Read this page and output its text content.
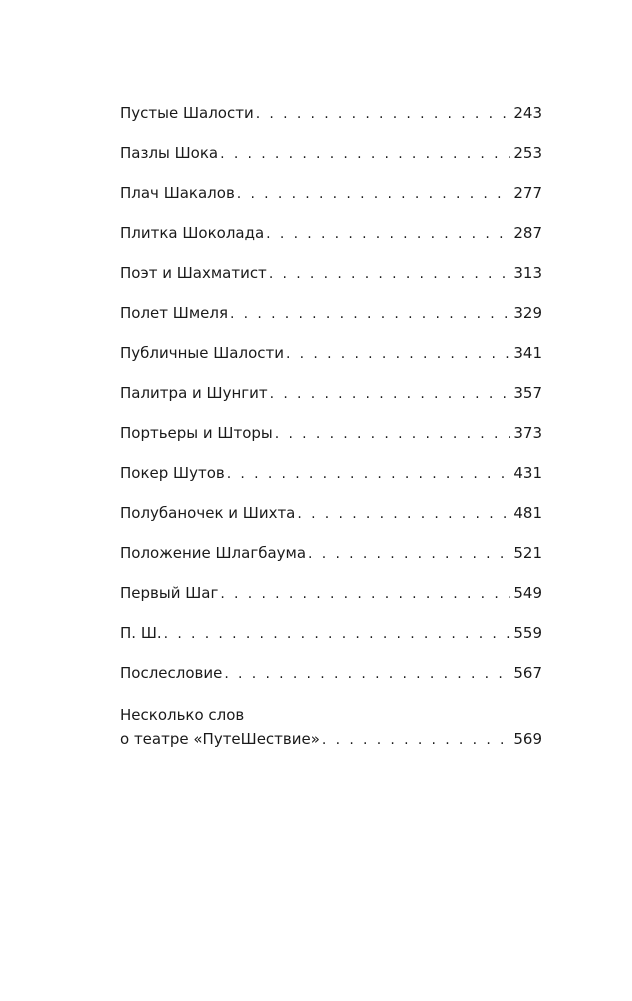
Пустые Шалости . . .	243
Пазлы Шока . . .	253
Плач Шакалов . . .	277
Плитка Шоколада . . .	287
Поэт и Шахматист . . .	313
Полет Шмеля . . .	329
Публичные Шалости . . .	341
Палитра и Шунгит . . .	357
Портьеры и Шторы . . .	373
Покер Шутов . . .	431
Полубаночек и Шихта . . .	481
Положение Шлагбаума . . .	521
Первый Шаг . . .	549
П. Ш. . . .	559
Послесловие . . .	567
Несколько слов
о театре «ПутеШествие» . . .	569
